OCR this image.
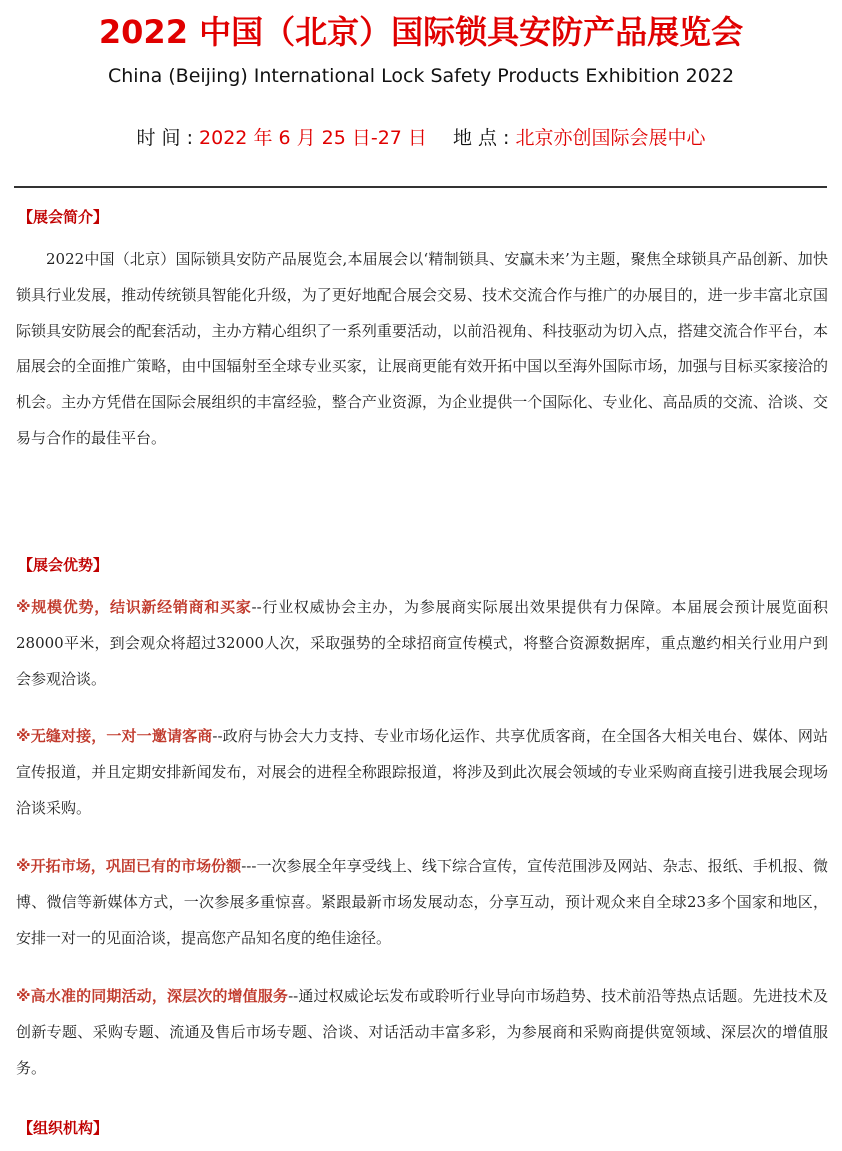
2022 中国（北京）国际锁具安防产品展览会
China (Beijing) International Lock Safety Products Exhibition 2022
时 间 : 2022 年 6 月 25 日-27 日 地 点 : 北京亦创国际会展中心
【展会简介】
2022中国（北京）国际锁具安防产品展览会,本届展会以‘精制锁具、安赢未来’为主题，聚焦全球锁具产品创新、加快锁具行业发展，推动传统锁具智能化升级，为了更好地配合展会交易、技术交流合作与推广的办展目的，进一步丰富北京国际锁具安防展会的配套活动，主办方精心组织了一系列重要活动，以前沿视角、科技驱动为切入点，搭建交流合作平台，本届展会的全面推广策略，由中国辐射至全球专业买家，让展商更能有效开拓中国以至海外国际市场，加强与目标买家接洽的机会。主办方凭借在国际会展组织的丰富经验，整合产业资源，为企业提供一个国际化、专业化、高品质的交流、洽谈、交易与合作的最佳平台。
【展会优势】
※规模优势，结识新经销商和买家--行业权威协会主办，为参展商实际展出效果提供有力保障。本届展会预计展览面积28000平米，到会观众将超过32000人次，采取强势的全球招商宣传模式，将整合资源数据库，重点邀约相关行业用户到会参观洽谈。
※无缝对接，一对一邀请客商--政府与协会大力支持、专业市场化运作、共享优质客商，在全国各大相关电台、媒体、网站宣传报道，并且定期安排新闻发布，对展会的进程全称跟踪报道，将涉及到此次展会领域的专业采购商直接引进我展会现场洽谈采购。
※开拓市场，巩固已有的市场份额---一次参展全年享受线上、线下综合宣传，宣传范围涉及网站、杂志、报纸、手机报、微博、微信等新媒体方式，一次参展多重惊喜。紧跟最新市场发展动态，分享互动，预计观众来自全球23多个国家和地区，安排一对一的见面洽谈，提高您产品知名度的绝佳途径。
※高水准的同期活动，深层次的增值服务--通过权威论坛发布或聆听行业导向市场趋势、技术前沿等热点话题。先进技术及创新专题、采购专题、流通及售后市场专题、洽谈、对话活动丰富多彩，为参展商和采购商提供宽领域、深层次的增值服务。
【组织机构】
